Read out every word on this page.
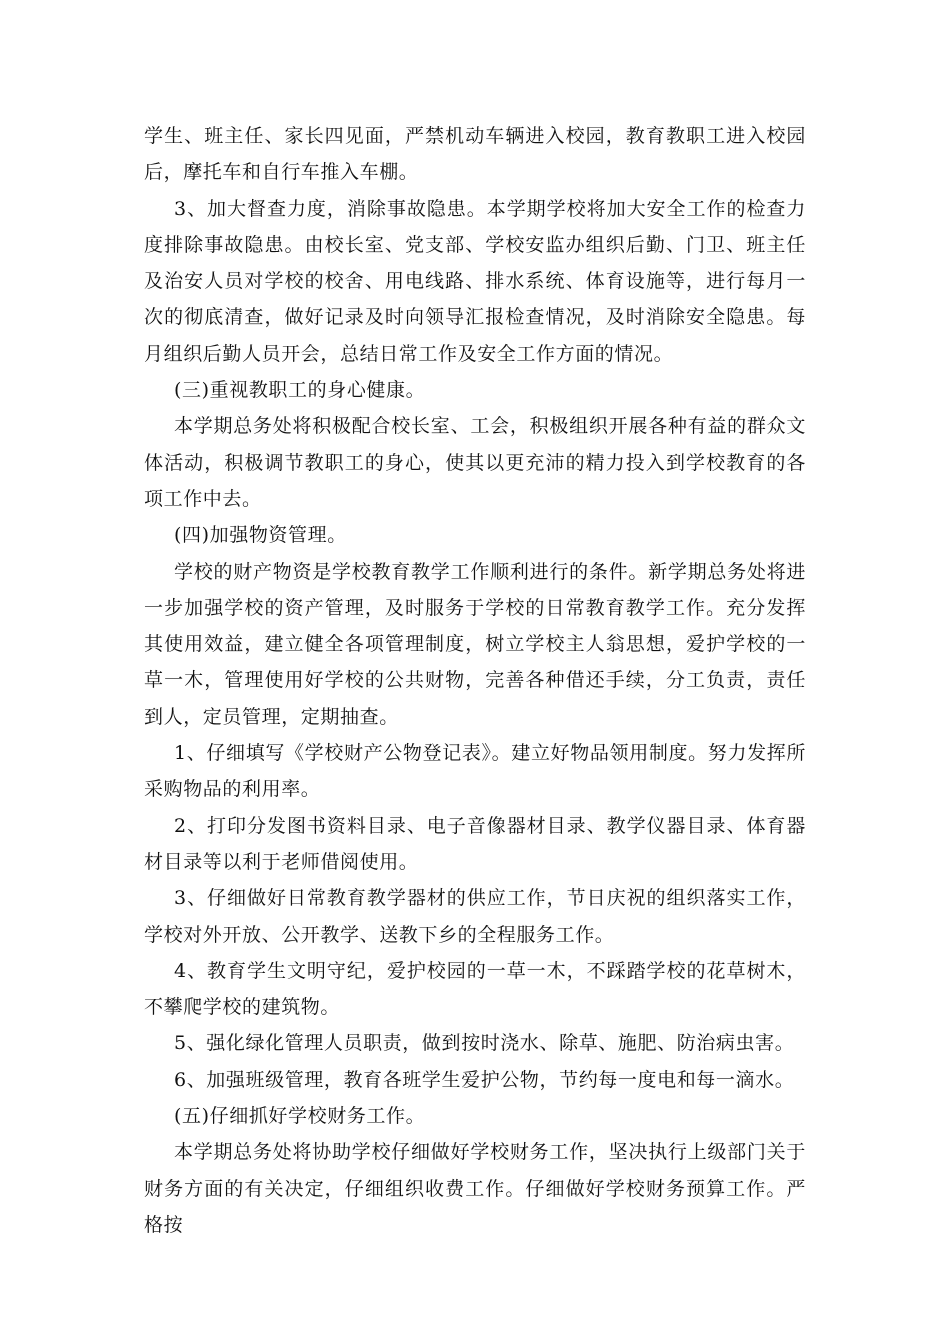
学生、班主任、家长四见面，严禁机动车辆进入校园，教育教职工进入校园后，摩托车和自行车推入车棚。

3、加大督查力度，消除事故隐患。本学期学校将加大安全工作的检查力度排除事故隐患。由校长室、党支部、学校安监办组织后勤、门卫、班主任及治安人员对学校的校舍、用电线路、排水系统、体育设施等，进行每月一次的彻底清查，做好记录及时向领导汇报检查情况，及时消除安全隐患。每月组织后勤人员开会，总结日常工作及安全工作方面的情况。

(三)重视教职工的身心健康。

本学期总务处将积极配合校长室、工会，积极组织开展各种有益的群众文体活动，积极调节教职工的身心，使其以更充沛的精力投入到学校教育的各项工作中去。

(四)加强物资管理。

学校的财产物资是学校教育教学工作顺利进行的条件。新学期总务处将进一步加强学校的资产管理，及时服务于学校的日常教育教学工作。充分发挥其使用效益，建立健全各项管理制度，树立学校主人翁思想，爱护学校的一草一木，管理使用好学校的公共财物，完善各种借还手续，分工负责，责任到人，定员管理，定期抽查。

1、仔细填写《学校财产公物登记表》。建立好物品领用制度。努力发挥所采购物品的利用率。

2、打印分发图书资料目录、电子音像器材目录、教学仪器目录、体育器材目录等以利于老师借阅使用。

3、仔细做好日常教育教学器材的供应工作，节日庆祝的组织落实工作，学校对外开放、公开教学、送教下乡的全程服务工作。

4、教育学生文明守纪，爱护校园的一草一木，不踩踏学校的花草树木，不攀爬学校的建筑物。

5、强化绿化管理人员职责，做到按时浇水、除草、施肥、防治病虫害。

6、加强班级管理，教育各班学生爱护公物，节约每一度电和每一滴水。

(五)仔细抓好学校财务工作。

本学期总务处将协助学校仔细做好学校财务工作，坚决执行上级部门关于财务方面的有关决定，仔细组织收费工作。仔细做好学校财务预算工作。严格按
